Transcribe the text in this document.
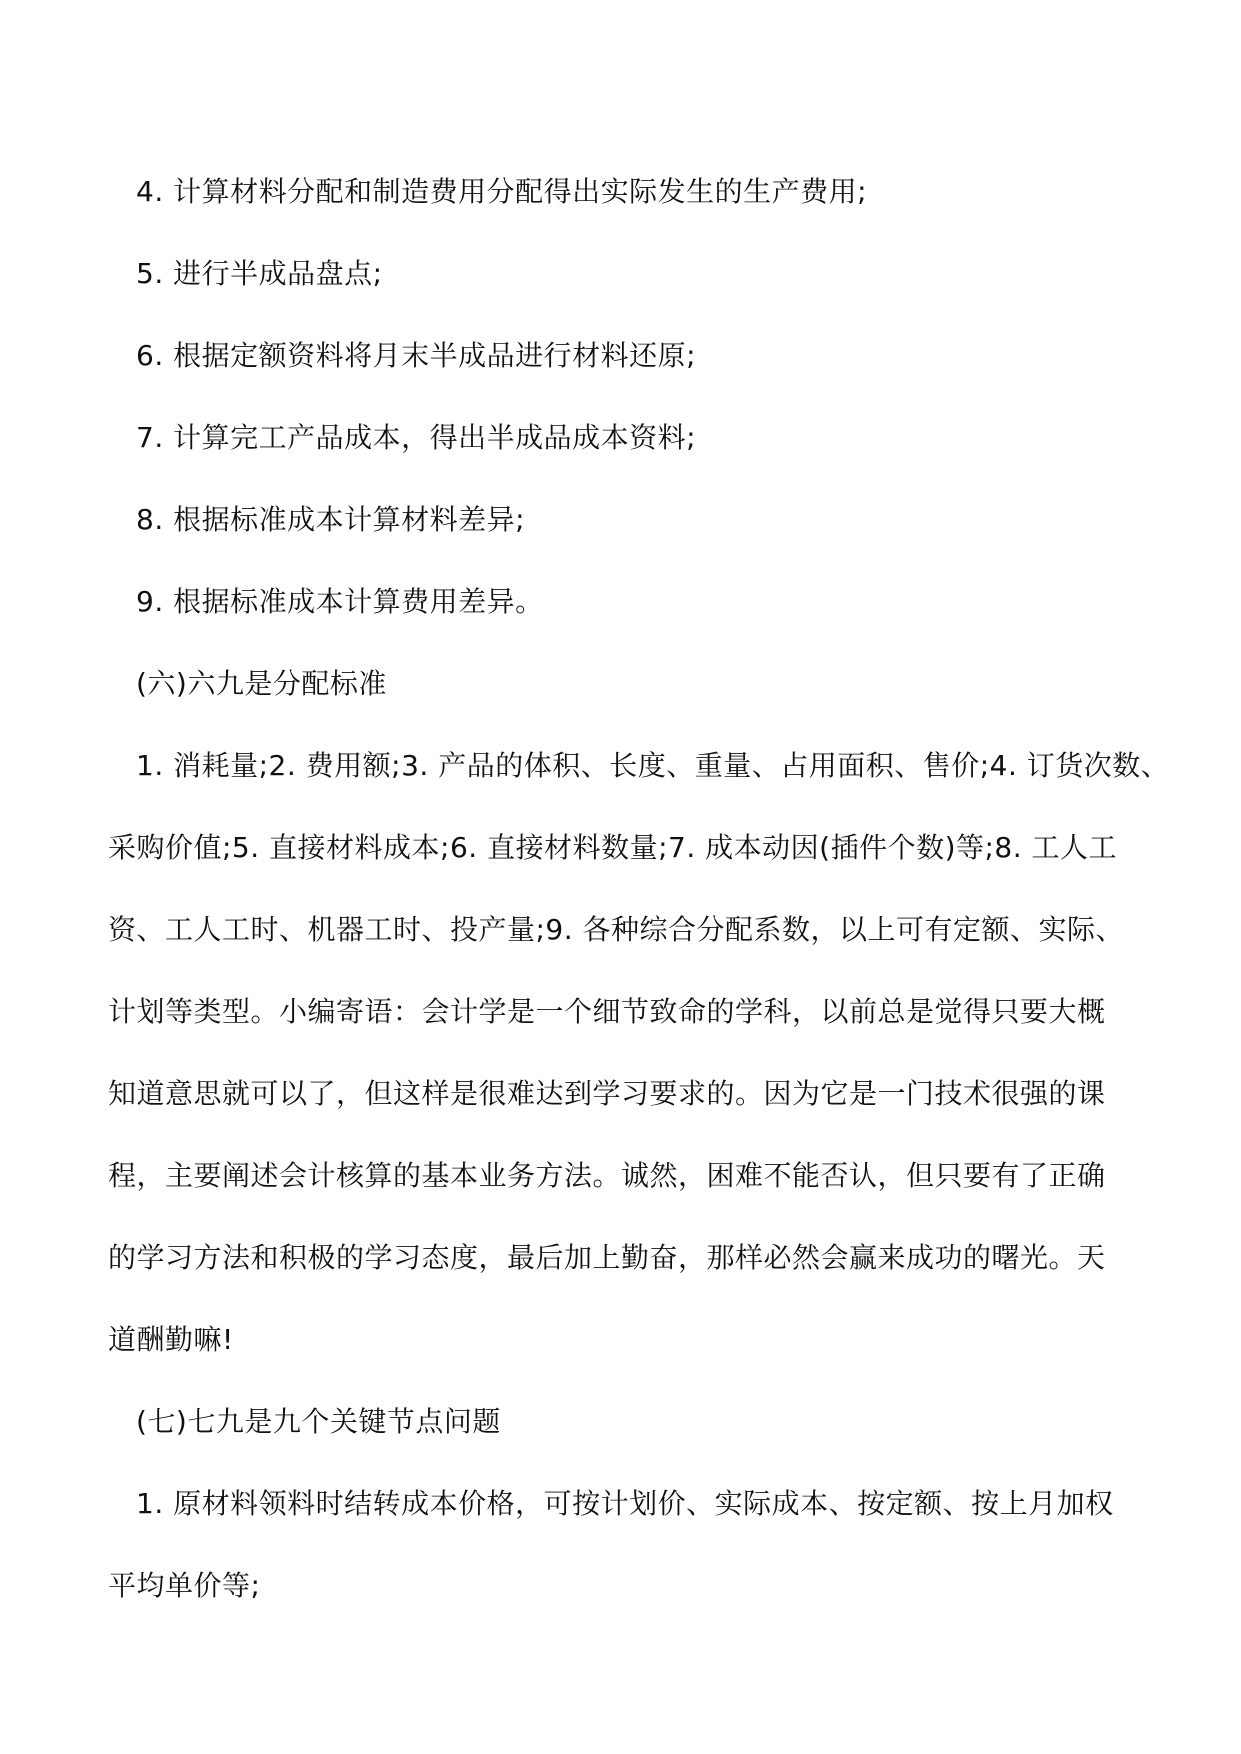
4. 计算材料分配和制造费用分配得出实际发生的生产费用;
5. 进行半成品盘点;
6. 根据定额资料将月末半成品进行材料还原;
7. 计算完工产品成本，得出半成品成本资料;
8. 根据标准成本计算材料差异;
9. 根据标准成本计算费用差异。
(六)六九是分配标准
1. 消耗量;2. 费用额;3. 产品的体积、长度、重量、占用面积、售价;4. 订货次数、
采购价值;5. 直接材料成本;6. 直接材料数量;7. 成本动因(插件个数)等;8. 工人工
资、工人工时、机器工时、投产量;9. 各种综合分配系数，以上可有定额、实际、
计划等类型。小编寄语：会计学是一个细节致命的学科，以前总是觉得只要大概
知道意思就可以了，但这样是很难达到学习要求的。因为它是一门技术很强的课
程，主要阐述会计核算的基本业务方法。诚然，困难不能否认，但只要有了正确
的学习方法和积极的学习态度，最后加上勤奋，那样必然会赢来成功的曙光。天
道酬勤嘛!
(七)七九是九个关键节点问题
1. 原材料领料时结转成本价格，可按计划价、实际成本、按定额、按上月加权
平均单价等;
